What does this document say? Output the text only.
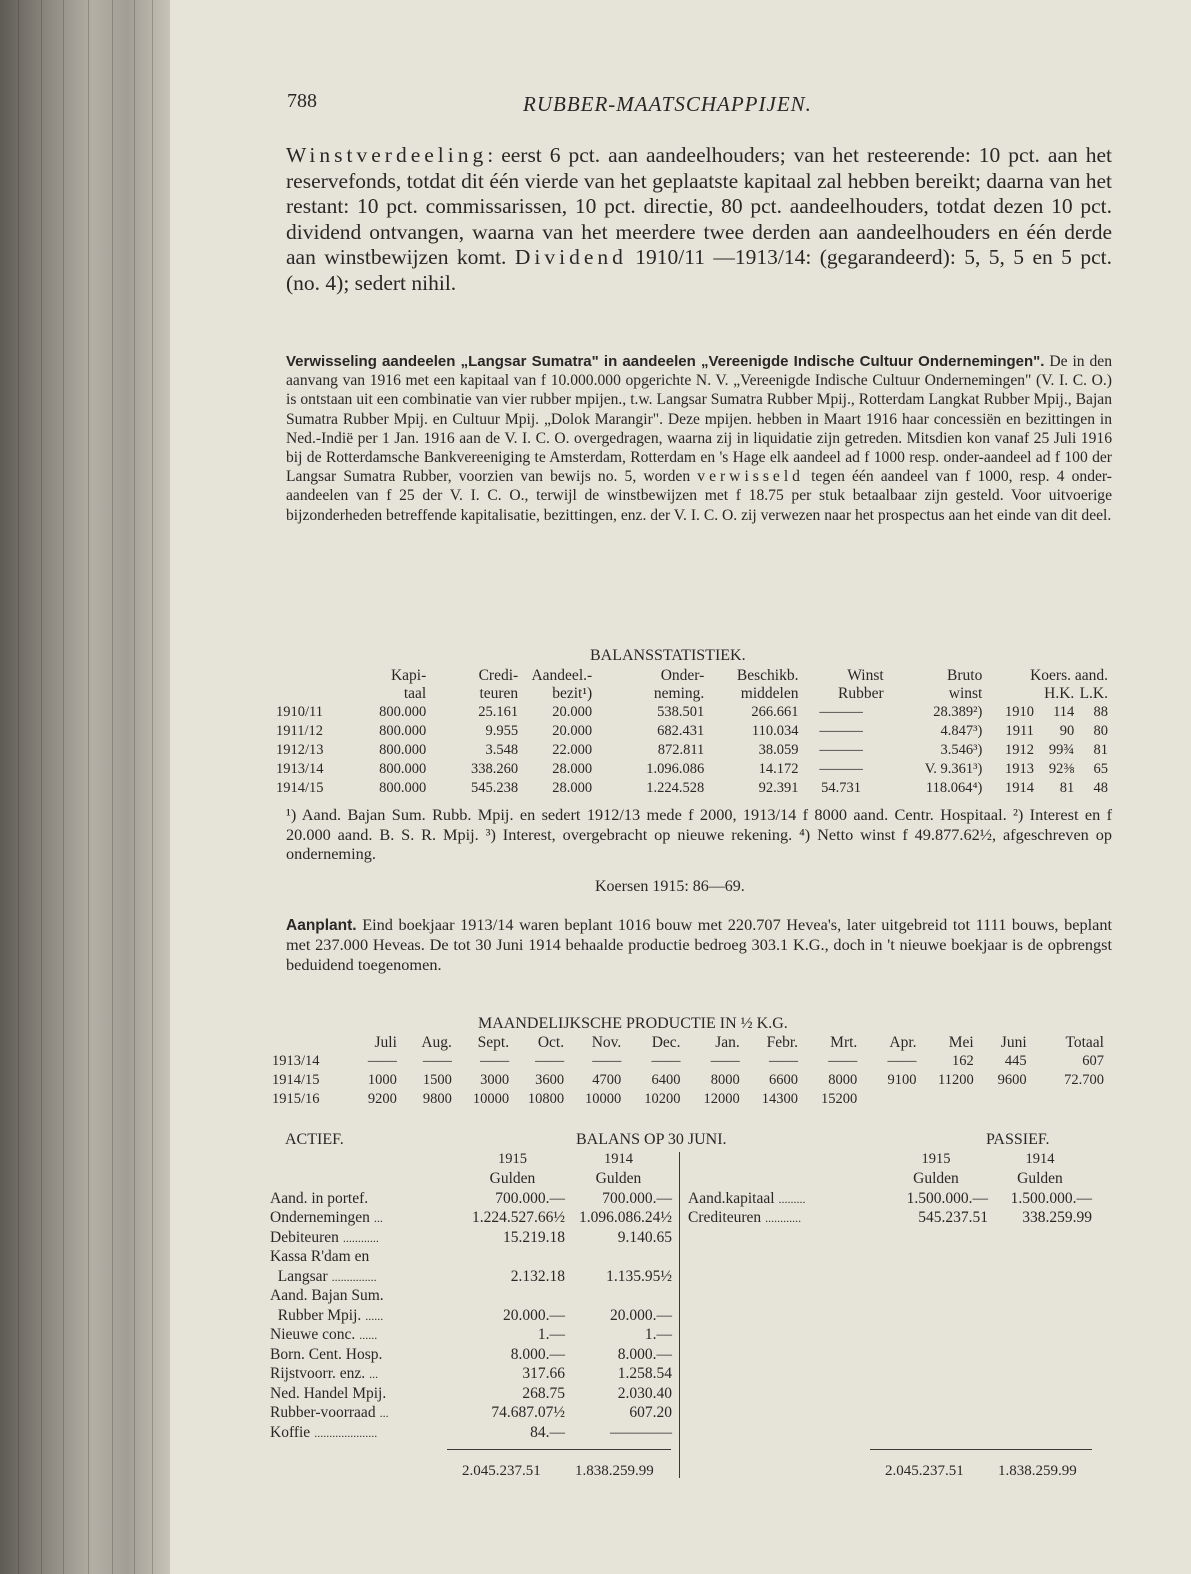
788	RUBBER-MAATSCHAPPIJEN.
Winstverdeeling: eerst 6 pct. aan aandeelhouders; van het resteerende: 10 pct. aan het reservefonds, totdat dit één vierde van het geplaatste kapitaal zal hebben bereikt; daarna van het restant: 10 pct. commissarissen, 10 pct. directie, 80 pct. aandeelhouders, totdat dezen 10 pct. dividend ontvangen, waarna van het meerdere twee derden aan aandeelhouders en één derde aan winstbewijzen komt. Dividend 1910/11 —1913/14: (gegarandeerd): 5, 5, 5 en 5 pct. (no. 4); sedert nihil.
Verwisseling aandeelen „Langsar Sumatra" in aandeelen „Vereenigde Indische Cultuur Ondernemingen". De in den aanvang van 1916 met een kapitaal van f 10.000.000 opgerichte N. V. „Vereenigde Indische Cultuur Ondernemingen" (V. I. C. O.) is ontstaan uit een combinatie van vier rubber mpijen., t.w. Langsar Sumatra Rubber Mpij., Rotterdam Langkat Rubber Mpij., Bajan Sumatra Rubber Mpij. en Cultuur Mpij. „Dolok Marangir". Deze mpijen. hebben in Maart 1916 haar concessiën en bezittingen in Ned.-Indië per 1 Jan. 1916 aan de V. I. C. O. overgedragen, waarna zij in liquidatie zijn getreden. Mitsdien kon vanaf 25 Juli 1916 bij de Rotterdamsche Bankvereeniging te Amsterdam, Rotterdam en 's Hage elk aandeel ad f 1000 resp. onder-aandeel ad f 100 der Langsar Sumatra Rubber, voorzien van bewijs no. 5, worden verwisseld tegen één aandeel van f 1000, resp. 4 onder-aandeelen van f 25 der V. I. C. O., terwijl de winstbewijzen met f 18.75 per stuk betaalbaar zijn gesteld. Voor uitvoerige bijzonderheden betreffende kapitalisatie, bezittingen, enz. der V. I. C. O. zij verwezen naar het prospectus aan het einde van dit deel.
BALANSSTATISTIEK.
	Kapi-	Credi-	Aandeel.-	Onder-	Beschikb.	Winst	Bruto	Koers. aand.		
	taal	teuren	bezit¹)	neming.	middelen	Rubber	winst	H.K.		L.K.
1910/11	800.000	25.161	20.000	538.501	266.661	———	28.389²)	1910	114	88
1911/12	800.000	9.955	20.000	682.431	110.034	———	4.847³)	1911	90	80
1912/13	800.000	3.548	22.000	872.811	38.059	———	3.546³)	1912	99¾	81
1913/14	800.000	338.260	28.000	1.096.086	14.172	———	V. 9.361³)	1913	92⅜	65
1914/15	800.000	545.238	28.000	1.224.528	92.391	54.731	118.064⁴)	1914	81	48
¹) Aand. Bajan Sum. Rubb. Mpij. en sedert 1912/13 mede f 2000, 1913/14 f 8000 aand. Centr. Hospitaal. ²) Interest en f 20.000 aand. B. S. R. Mpij. ³) Interest, overgebracht op nieuwe rekening. ⁴) Netto winst f 49.877.62½, afgeschreven op onderneming.
Koersen 1915: 86—69.
Aanplant. Eind boekjaar 1913/14 waren beplant 1016 bouw met 220.707 Hevea's, later uitgebreid tot 1111 bouws, beplant met 237.000 Heveas. De tot 30 Juni 1914 behaalde productie bedroeg 303.1 K.G., doch in 't nieuwe boekjaar is de opbrengst beduidend toegenomen.
MAANDELIJKSCHE PRODUCTIE IN ½ K.G.
	Juli	Aug.	Sept.	Oct.	Nov.	Dec.	Jan.	Febr.	Mrt.	Apr.	Mei	Juni	Totaal
1913/14	——	——	——	——	——	——	——	——	——	——	162	445	607
1914/15	1000	1500	3000	3600	4700	6400	8000	6600	8000	9100	11200	9600	72.700
1915/16	9200	9800	10000	10800	10000	10200	12000	14300	15200				
ACTIEF.	BALANS OP 30 JUNI.	PASSIEF.
	1915	1914
	Gulden	Gulden
Aand. in portef.	700.000.—	700.000.—
Ondernemingen ...	1.224.527.66½	1.096.086.24½
Debiteuren ............	15.219.18	9.140.65
Kassa R'dam en		
Langsar ...............	2.132.18	1.135.95½
Aand. Bajan Sum.		
Rubber Mpij. ......	20.000.—	20.000.—
Nieuwe conc. ......	1.—	1.—
Born. Cent. Hosp.	8.000.—	8.000.—
Rijstvoorr. enz. ...	317.66	1.258.54
Ned. Handel Mpij.	268.75	2.030.40
Rubber-voorraad ...	74.687.07½	607.20
Koffie .....................	84.—	————
2.045.237.51 1.838.259.99
	1915	1914
	Gulden	Gulden
Aand.kapitaal .........	1.500.000.—	1.500.000.—
Crediteuren ............	545.237.51	338.259.99
2.045.237.51 1.838.259.99
